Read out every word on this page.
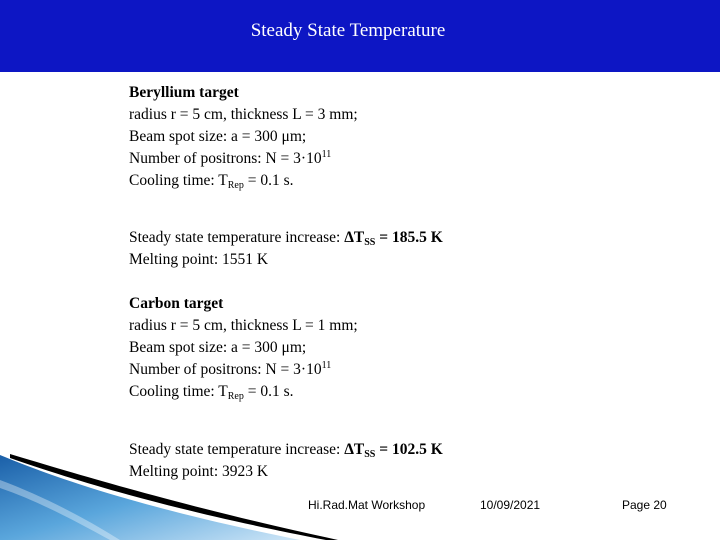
Steady State Temperature
Beryllium target
radius r = 5 cm, thickness L = 3 mm;
Beam spot size: a = 300 μm;
Number of positrons: $N = 3\cdot 10^{11}$
Cooling time: $T_{Rep} = 0.1$ s.
Steady state temperature increase: $\Delta T_{SS} = 185.5$ K
Melting point: 1551 K
Carbon target
radius r = 5 cm, thickness L = 1 mm;
Beam spot size: a = 300 μm;
Number of positrons: $N = 3\cdot 10^{11}$
Cooling time: $T_{Rep} = 0.1$ s.
Steady state temperature increase: $\Delta T_{SS} = 102.5$ K
Melting point: 3923 K
Hi.Rad.Mat Workshop	10/09/2021	Page 20
